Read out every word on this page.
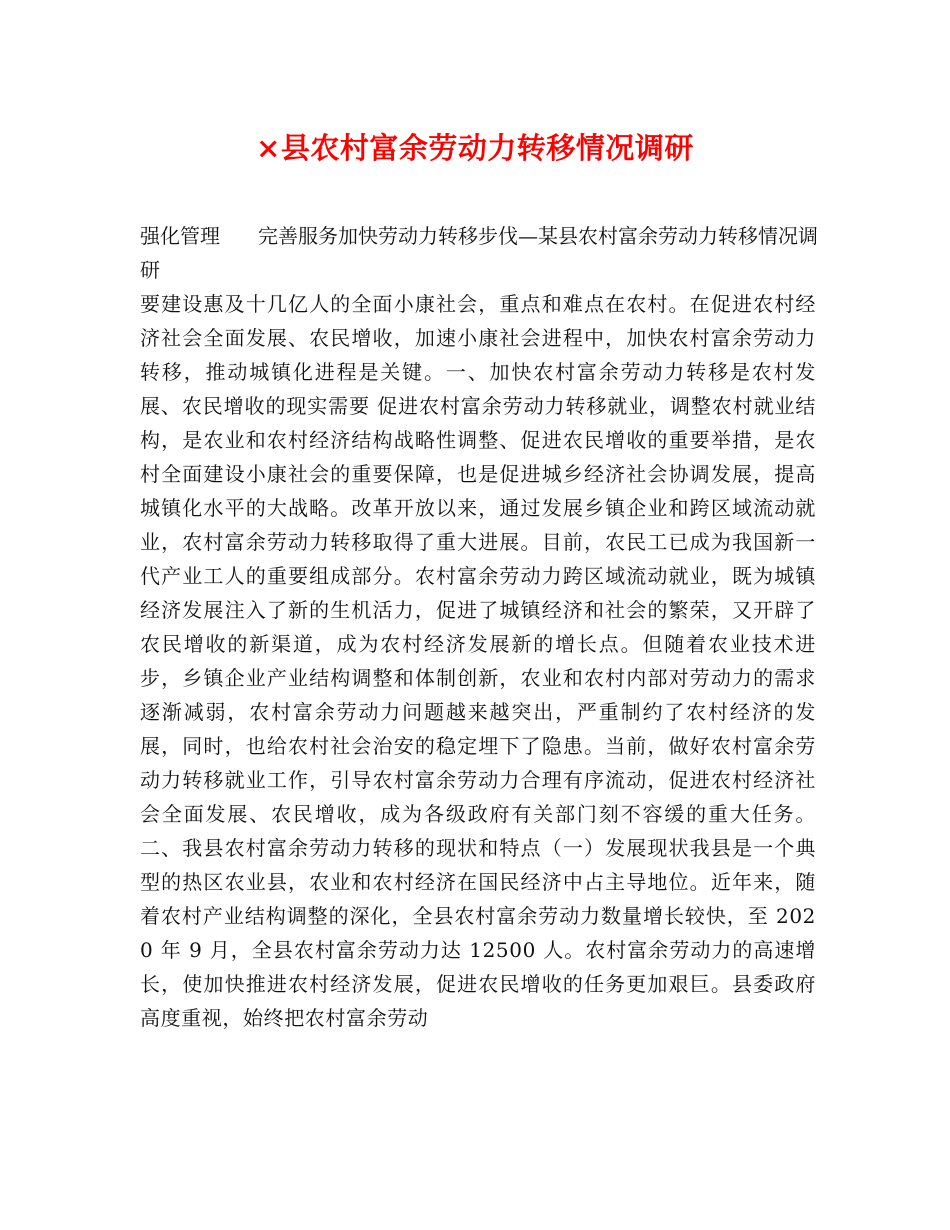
×县农村富余劳动力转移情况调研

强化管理 完善服务加快劳动力转移步伐—某县农村富余劳动力转移情况调研

要建设惠及十几亿人的全面小康社会，重点和难点在农村。在促进农村经济社会全面发展、农民增收，加速小康社会进程中，加快农村富余劳动力转移，推动城镇化进程是关键。一、加快农村富余劳动力转移是农村发展、农民增收的现实需要 促进农村富余劳动力转移就业，调整农村就业结构，是农业和农村经济结构战略性调整、促进农民增收的重要举措，是农村全面建设小康社会的重要保障，也是促进城乡经济社会协调发展，提高城镇化水平的大战略。改革开放以来，通过发展乡镇企业和跨区域流动就业，农村富余劳动力转移取得了重大进展。目前，农民工已成为我国新一代产业工人的重要组成部分。农村富余劳动力跨区域流动就业，既为城镇经济发展注入了新的生机活力，促进了城镇经济和社会的繁荣，又开辟了农民增收的新渠道，成为农村经济发展新的增长点。但随着农业技术进步，乡镇企业产业结构调整和体制创新，农业和农村内部对劳动力的需求逐渐减弱，农村富余劳动力问题越来越突出，严重制约了农村经济的发展，同时，也给农村社会治安的稳定埋下了隐患。当前，做好农村富余劳动力转移就业工作，引导农村富余劳动力合理有序流动，促进农村经济社会全面发展、农民增收，成为各级政府有关部门刻不容缓的重大任务。二、我县农村富余劳动力转移的现状和特点（一）发展现状我县是一个典型的热区农业县，农业和农村经济在国民经济中占主导地位。近年来，随着农村产业结构调整的深化，全县农村富余劳动力数量增长较快，至 2020 年 9 月，全县农村富余劳动力达 12500 人。农村富余劳动力的高速增长，使加快推进农村经济发展，促进农民增收的任务更加艰巨。县委政府高度重视，始终把农村富余劳动
